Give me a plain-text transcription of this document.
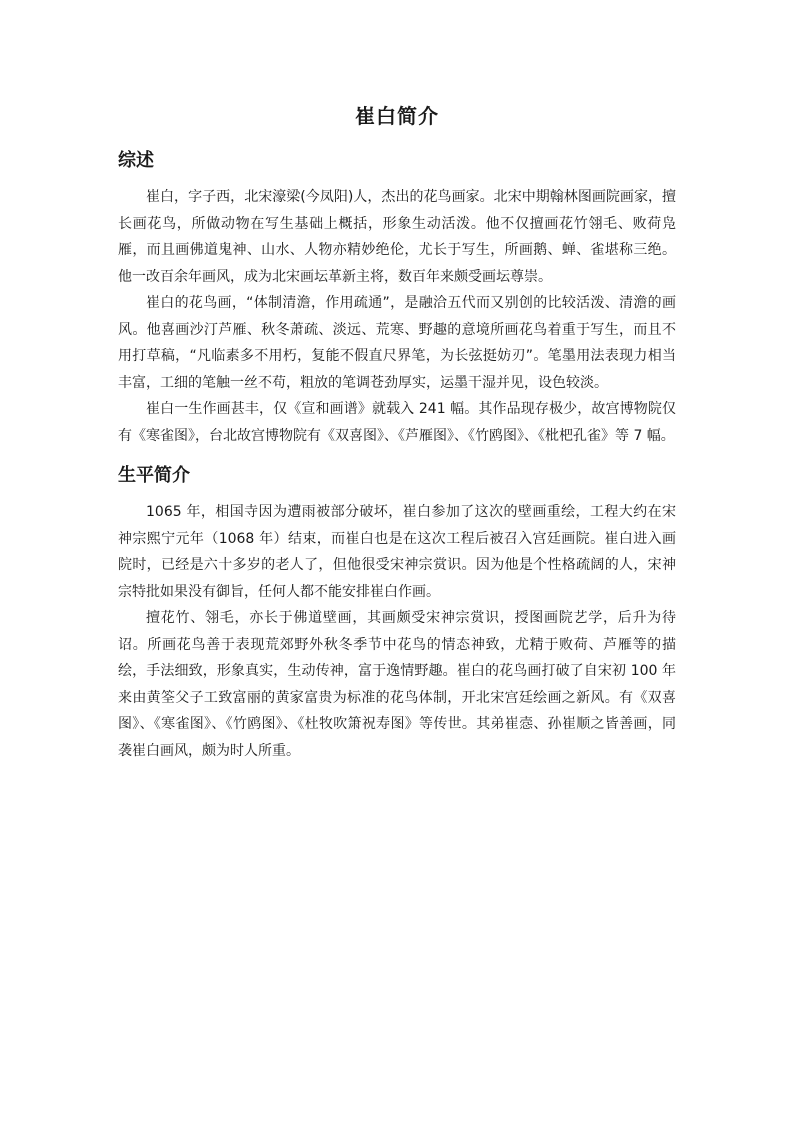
崔白简介
综述

崔白，字子西，北宋濠梁(今凤阳)人，杰出的花鸟画家。北宋中期翰林图画院画家，擅长画花鸟，所做动物在写生基础上概括，形象生动活泼。他不仅擅画花竹翎毛、败荷凫雁，而且画佛道鬼神、山水、人物亦精妙绝伦，尤长于写生，所画鹅、蝉、雀堪称三绝。他一改百余年画风，成为北宋画坛革新主将，数百年来颇受画坛尊崇。

崔白的花鸟画，“体制清澹，作用疏通”，是融洽五代而又别创的比较活泼、清澹的画风。他喜画沙汀芦雁、秋冬萧疏、淡远、荒寒、野趣的意境所画花鸟着重于写生，而且不用打草稿，“凡临素多不用朽，复能不假直尺界笔，为长弦挺妨刃”。笔墨用法表现力相当丰富，工细的笔触一丝不苟，粗放的笔调苍劲厚实，运墨干湿并见，设色较淡。

崔白一生作画甚丰，仅《宣和画谱》就载入 241 幅。其作品现存极少，故宫博物院仅有《寒雀图》，台北故宫博物院有《双喜图》、《芦雁图》、《竹鸥图》、《枇杷孔雀》等 7 幅。

生平简介

1065 年，相国寺因为遭雨被部分破坏，崔白参加了这次的壁画重绘，工程大约在宋神宗熙宁元年（1068 年）结束，而崔白也是在这次工程后被召入宫廷画院。崔白进入画院时，已经是六十多岁的老人了，但他很受宋神宗赏识。因为他是个性格疏阔的人，宋神宗特批如果没有御旨，任何人都不能安排崔白作画。

擅花竹、翎毛，亦长于佛道壁画，其画颇受宋神宗赏识，授图画院艺学，后升为待诏。所画花鸟善于表现荒郊野外秋冬季节中花鸟的情态神致，尤精于败荷、芦雁等的描绘，手法细致，形象真实，生动传神，富于逸情野趣。崔白的花鸟画打破了自宋初 100 年来由黄筌父子工致富丽的黄家富贵为标准的花鸟体制，开北宋宫廷绘画之新风。有《双喜图》、《寒雀图》、《竹鸥图》、《杜牧吹箫祝寿图》等传世。其弟崔悫、孙崔顺之皆善画，同袭崔白画风，颇为时人所重。
